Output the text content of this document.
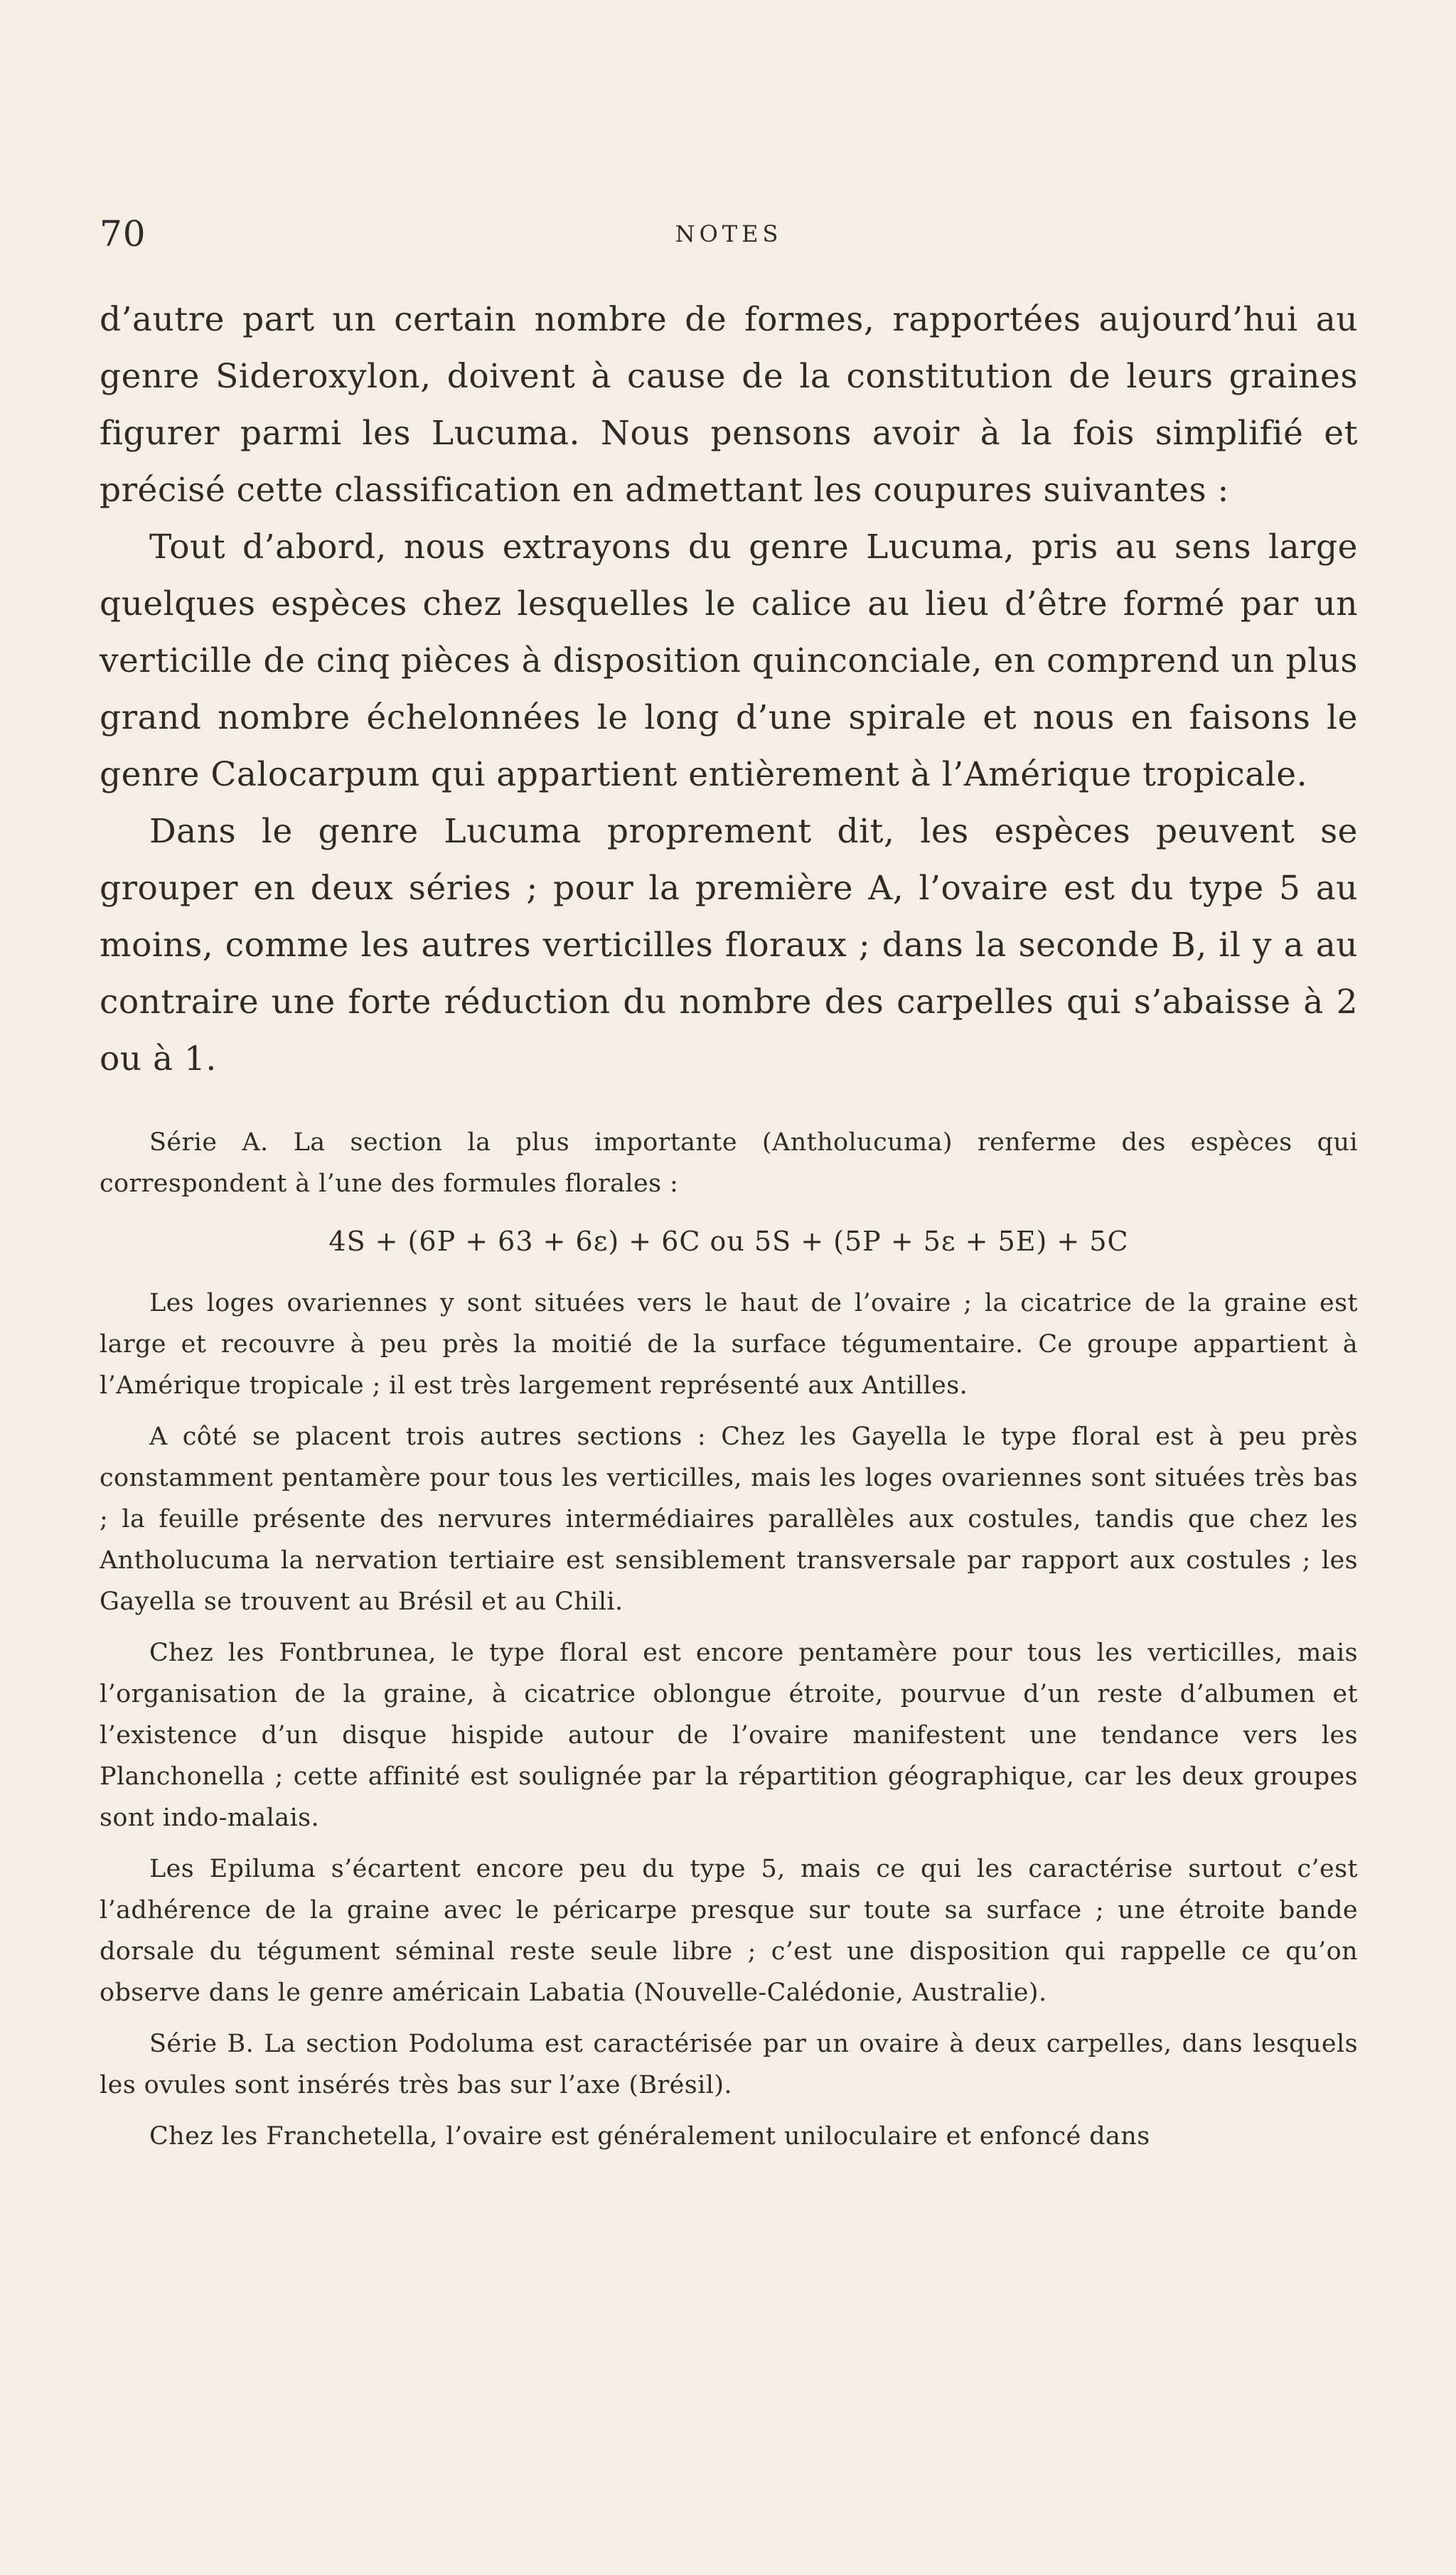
70	NOTES

d’autre part un certain nombre de formes, rapportées aujourd’hui au genre Sideroxylon, doivent à cause de la constitution de leurs graines figurer parmi les Lucuma. Nous pensons avoir à la fois simplifié et précisé cette classification en admettant les coupures suivantes :

Tout d’abord, nous extrayons du genre Lucuma, pris au sens large quelques espèces chez lesquelles le calice au lieu d’être formé par un verticille de cinq pièces à disposition quinconciale, en comprend un plus grand nombre échelonnées le long d’une spirale et nous en faisons le genre Calocarpum qui appartient entièrement à l’Amérique tropicale.

Dans le genre Lucuma proprement dit, les espèces peuvent se grouper en deux séries ; pour la première A, l’ovaire est du type 5 au moins, comme les autres verticilles floraux ; dans la seconde B, il y a au contraire une forte réduction du nombre des carpelles qui s’abaisse à 2 ou à 1.

Série A. La section la plus importante (Antholucuma) renferme des espèces qui correspondent à l’une des formules florales :

4S + (6P + 63 + 6ε) + 6C ou 5S + (5P + 5ε + 5E) + 5C

Les loges ovariennes y sont situées vers le haut de l’ovaire ; la cicatrice de la graine est large et recouvre à peu près la moitié de la surface tégumentaire. Ce groupe appartient à l’Amérique tropicale ; il est très largement représenté aux Antilles.

A côté se placent trois autres sections : Chez les Gayella le type floral est à peu près constamment pentamère pour tous les verticilles, mais les loges ovariennes sont situées très bas ; la feuille présente des nervures intermédiaires parallèles aux costules, tandis que chez les Antholucuma la nervation tertiaire est sensiblement transversale par rapport aux costules ; les Gayella se trouvent au Brésil et au Chili.

Chez les Fontbrunea, le type floral est encore pentamère pour tous les verticilles, mais l’organisation de la graine, à cicatrice oblongue étroite, pourvue d’un reste d’albumen et l’existence d’un disque hispide autour de l’ovaire manifestent une tendance vers les Planchonella ; cette affinité est soulignée par la répartition géographique, car les deux groupes sont indo-malais.

Les Epiluma s’écartent encore peu du type 5, mais ce qui les caractérise surtout c’est l’adhérence de la graine avec le péricarpe presque sur toute sa surface ; une étroite bande dorsale du tégument séminal reste seule libre ; c’est une disposition qui rappelle ce qu’on observe dans le genre américain Labatia (Nouvelle-Calédonie, Australie).

Série B. La section Podoluma est caractérisée par un ovaire à deux carpelles, dans lesquels les ovules sont insérés très bas sur l’axe (Brésil).

Chez les Franchetella, l’ovaire est généralement uniloculaire et enfoncé dans
